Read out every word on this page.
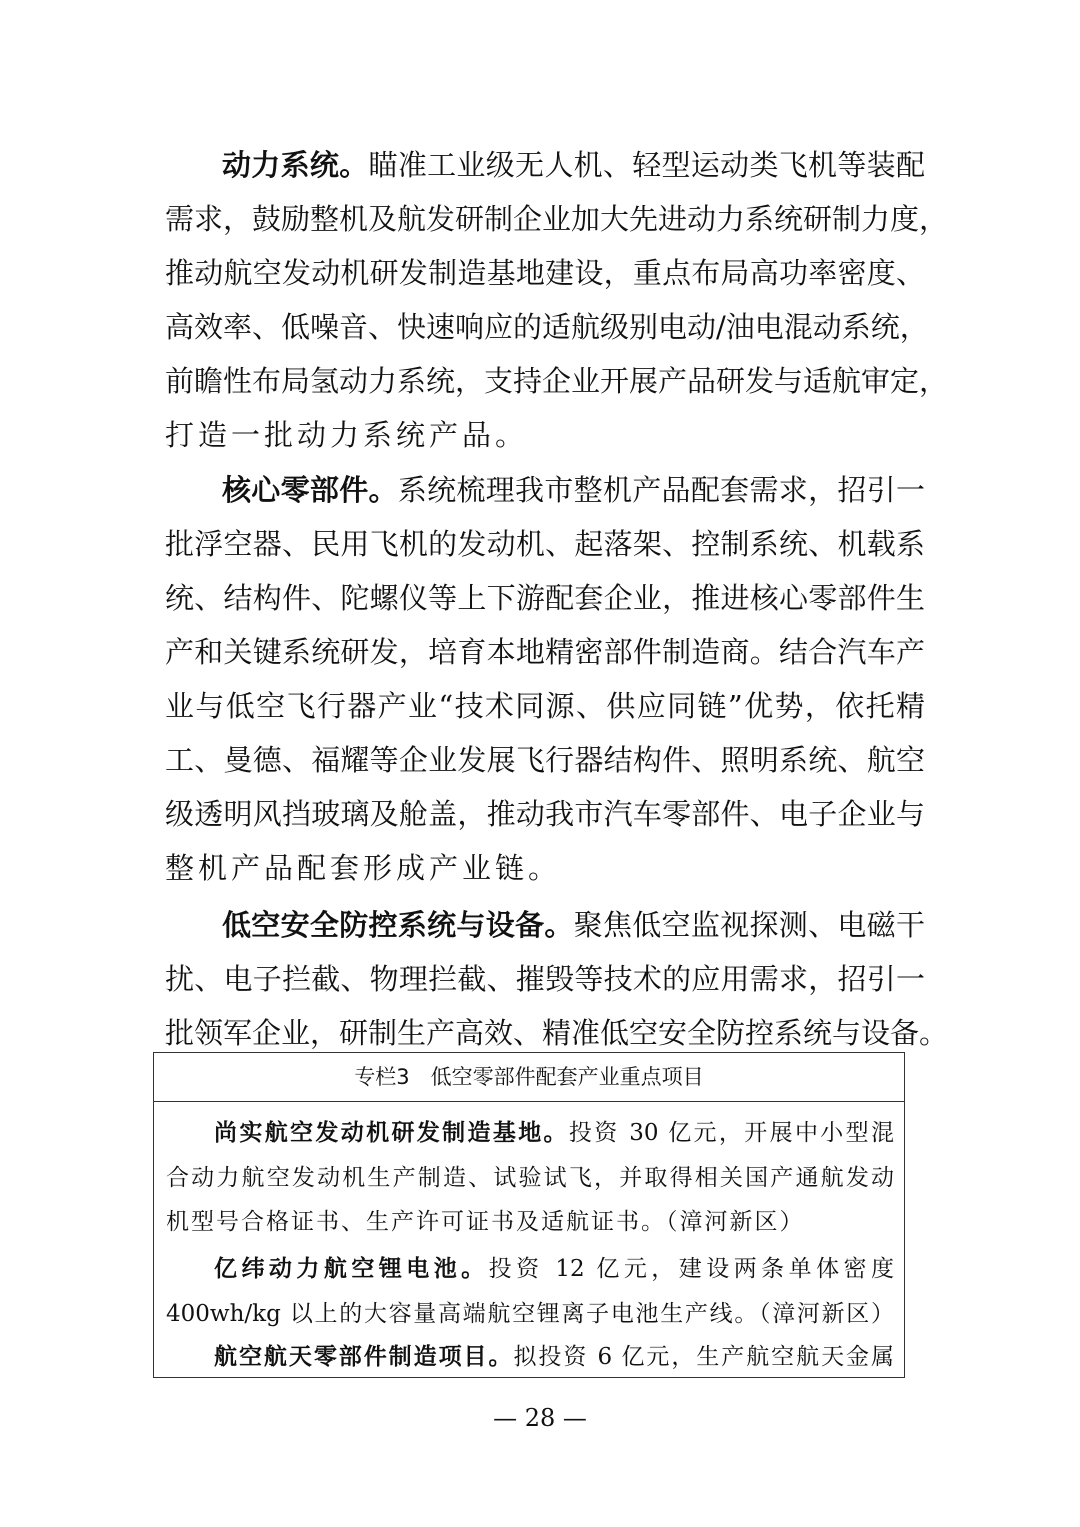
动力系统。瞄准工业级无人机、轻型运动类飞机等装配
需求，鼓励整机及航发研制企业加大先进动力系统研制力度，
推动航空发动机研发制造基地建设，重点布局高功率密度、
高效率、低噪音、快速响应的适航级别电动/油电混动系统，
前瞻性布局氢动力系统，支持企业开展产品研发与适航审定，
打造一批动力系统产品。
核心零部件。系统梳理我市整机产品配套需求，招引一
批浮空器、民用飞机的发动机、起落架、控制系统、机载系
统、结构件、陀螺仪等上下游配套企业，推进核心零部件生
产和关键系统研发，培育本地精密部件制造商。结合汽车产
业与低空飞行器产业“技术同源、供应同链”优势，依托精
工、曼德、福耀等企业发展飞行器结构件、照明系统、航空
级透明风挡玻璃及舱盖，推动我市汽车零部件、电子企业与
整机产品配套形成产业链。
低空安全防控系统与设备。聚焦低空监视探测、电磁干
扰、电子拦截、物理拦截、摧毁等技术的应用需求，招引一
批领军企业，研制生产高效、精准低空安全防控系统与设备。
专栏3　低空零部件配套产业重点项目
尚实航空发动机研发制造基地。投资 30 亿元，开展中小型混
合动力航空发动机生产制造、试验试飞，并取得相关国产通航发动
机型号合格证书、生产许可证书及适航证书。（漳河新区）
亿纬动力航空锂电池。投资 12 亿元，建设两条单体密度
400wh/kg 以上的大容量高端航空锂离子电池生产线。（漳河新区）
航空航天零部件制造项目。拟投资 6 亿元，生产航空航天金属
— 28 —
